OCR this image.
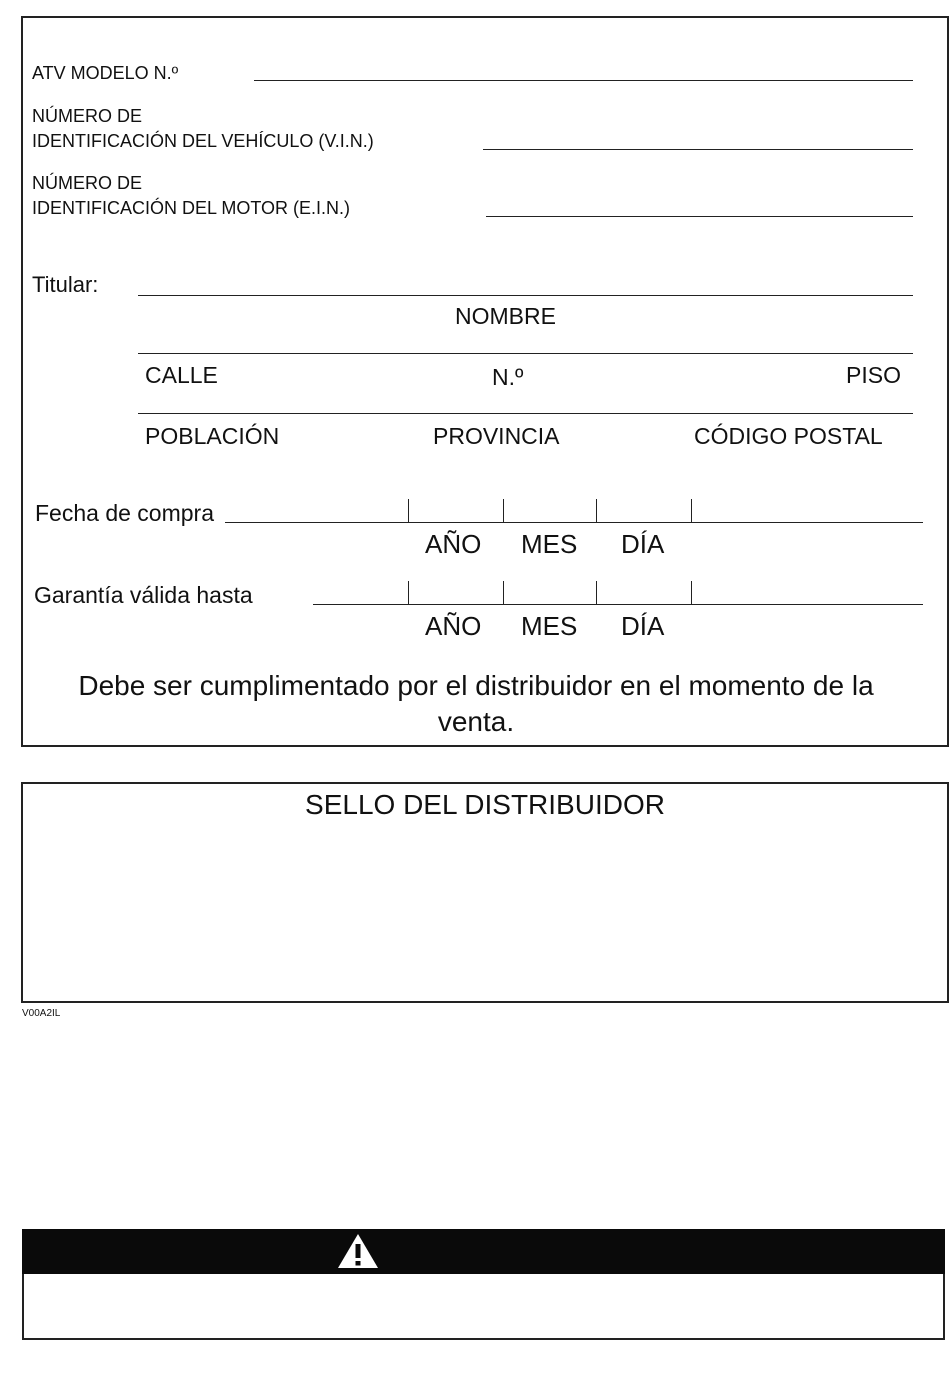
ATV MODELO N.º
NÚMERO DE
IDENTIFICACIÓN DEL VEHÍCULO (V.I.N.)
NÚMERO DE
IDENTIFICACIÓN DEL MOTOR (E.I.N.)
Titular:
NOMBRE
CALLE	N.º	PISO
POBLACIÓN	PROVINCIA	CÓDIGO POSTAL
Fecha de compra
AÑO MES DÍA
Garantía válida hasta
AÑO MES DÍA
Debe ser cumplimentado por el distribuidor en el momento de la venta.
SELLO DEL DISTRIBUIDOR
V00A2IL
